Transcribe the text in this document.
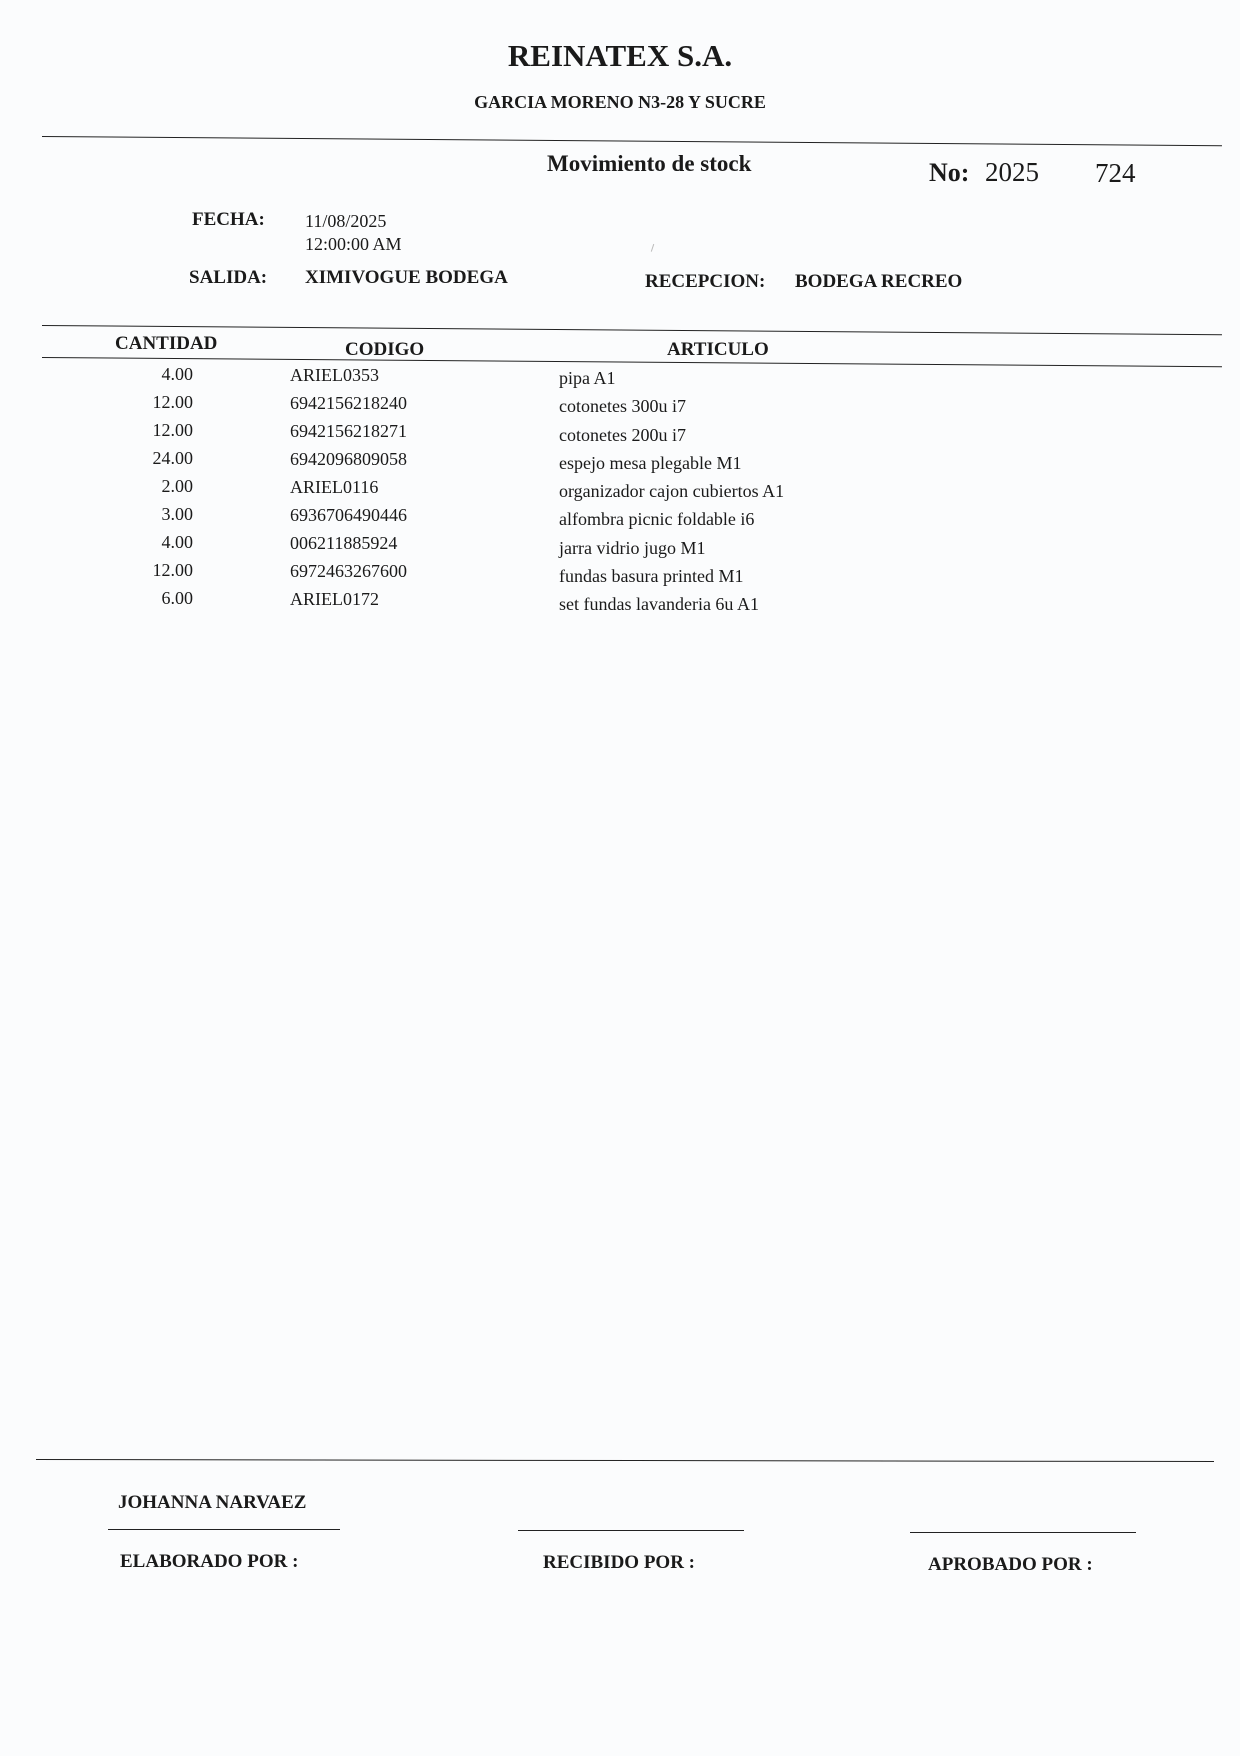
REINATEX S.A.
GARCIA MORENO N3-28 Y SUCRE
Movimiento de stock	No: 2025 724
FECHA: 11/08/2025
12:00:00 AM
SALIDA: XIMIVOGUE BODEGA	RECEPCION: BODEGA RECREO
CANTIDAD	CODIGO	ARTICULO
4.00	ARIEL0353	pipa A1
12.00	6942156218240	cotonetes 300u i7
12.00	6942156218271	cotonetes 200u i7
24.00	6942096809058	espejo mesa plegable M1
2.00	ARIEL0116	organizador cajon cubiertos A1
3.00	6936706490446	alfombra picnic foldable i6
4.00	006211885924	jarra vidrio jugo M1
12.00	6972463267600	fundas basura printed M1
6.00	ARIEL0172	set fundas lavanderia 6u A1
JOHANNA NARVAEZ
ELABORADO POR :	RECIBIDO POR :	APROBADO POR :
